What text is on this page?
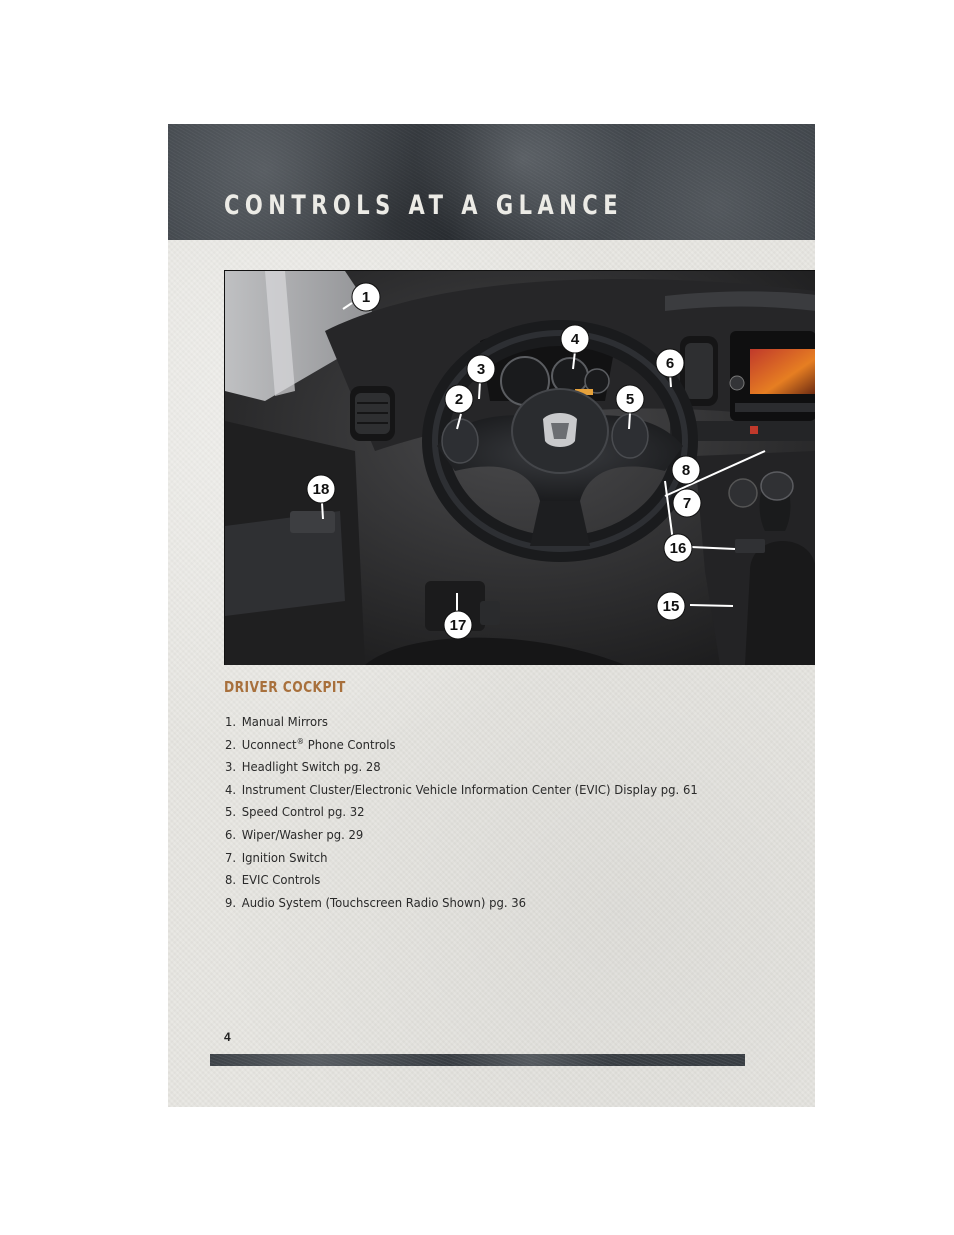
CONTROLS AT A GLANCE
1
2
3
4
5
6
7
8
15
16
17
18
DRIVER COCKPIT
1. Manual Mirrors
2. Uconnect® Phone Controls
3. Headlight Switch pg. 28
4. Instrument Cluster/Electronic Vehicle Information Center (EVIC) Display pg. 61
5. Speed Control pg. 32
6. Wiper/Washer pg. 29
7. Ignition Switch
8. EVIC Controls
9. Audio System (Touchscreen Radio Shown) pg. 36
4
